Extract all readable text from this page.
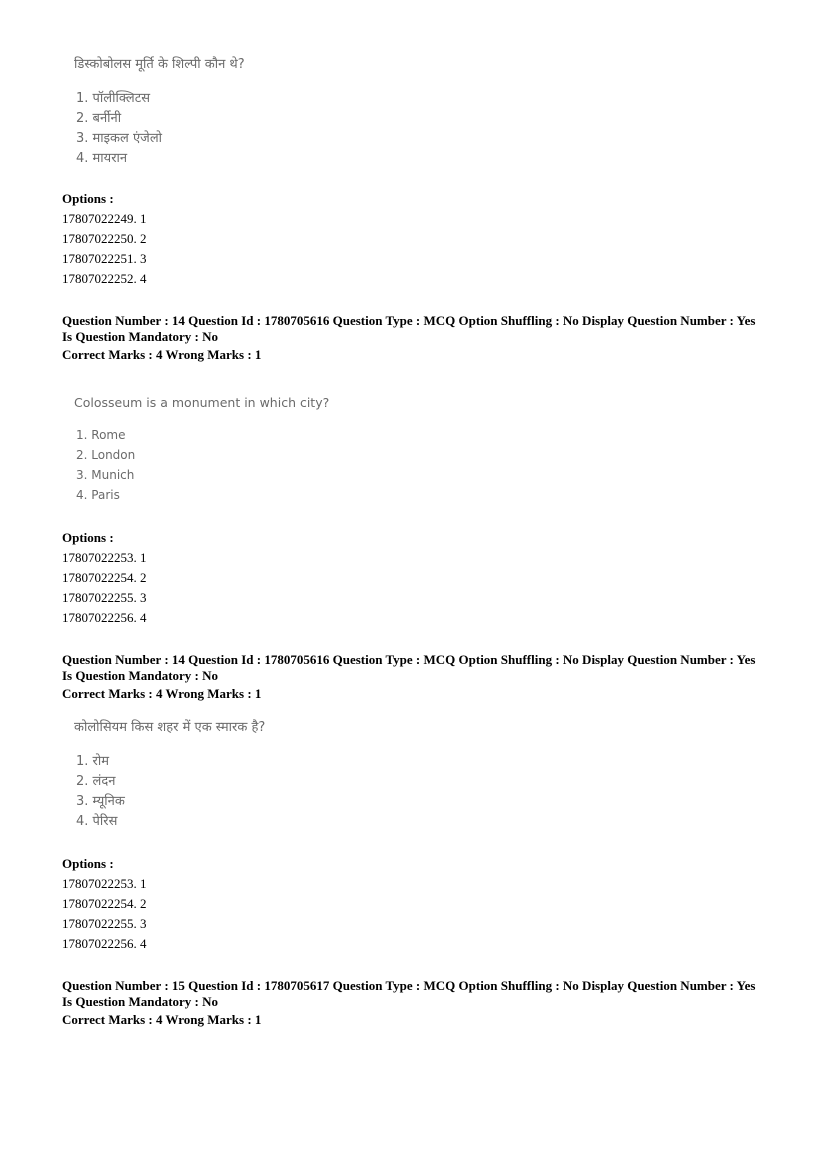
डिस्कोबोलस मूर्ति के शिल्पी कौन थे?

1. पॉलीक्लिटस
2. बर्नीनी
3. माइकल एंजेलो
4. मायरान
Options :
17807022249. 1
17807022250. 2
17807022251. 3
17807022252. 4
Question Number : 14 Question Id : 1780705616 Question Type : MCQ Option Shuffling : No Display Question Number : Yes
Is Question Mandatory : No
Correct Marks : 4 Wrong Marks : 1

Colosseum is a monument in which city?

1. Rome
2. London
3. Munich
4. Paris
Options :
17807022253. 1
17807022254. 2
17807022255. 3
17807022256. 4
Question Number : 14 Question Id : 1780705616 Question Type : MCQ Option Shuffling : No Display Question Number : Yes
Is Question Mandatory : No
Correct Marks : 4 Wrong Marks : 1

कोलोसियम किस शहर में एक स्मारक है?

1. रोम
2. लंदन
3. म्यूनिक
4. पेरिस
Options :
17807022253. 1
17807022254. 2
17807022255. 3
17807022256. 4
Question Number : 15 Question Id : 1780705617 Question Type : MCQ Option Shuffling : No Display Question Number : Yes
Is Question Mandatory : No
Correct Marks : 4 Wrong Marks : 1
